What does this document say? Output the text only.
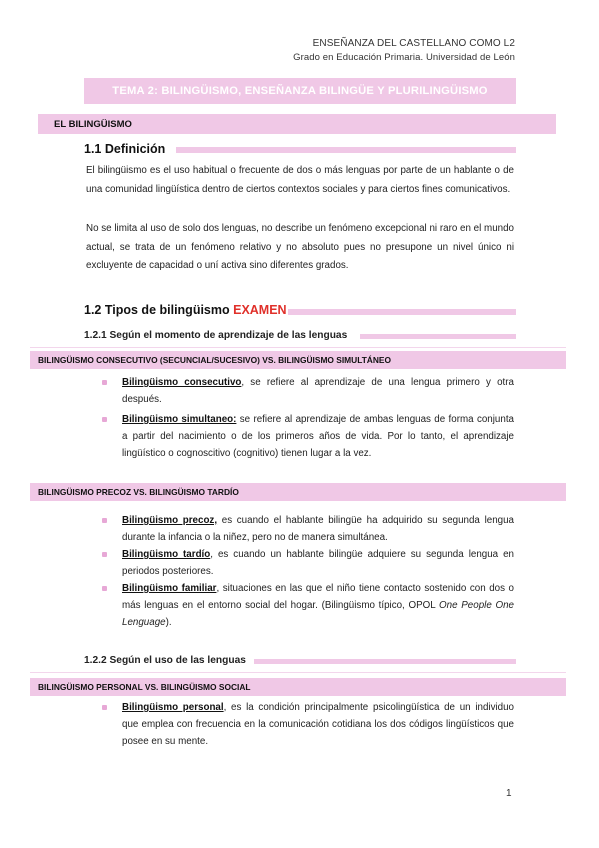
ENSEÑANZA DEL CASTELLANO COMO L2
Grado en Educación Primaria. Universidad de León
TEMA 2: BILINGÜISMO, ENSEÑANZA BILINGÜE Y PLURILINGÜISMO
EL BILINGÜISMO
1.1 Definición
El bilingüismo es el uso habitual o frecuente de dos o más lenguas por parte de un hablante o de una comunidad lingüística dentro de ciertos contextos sociales y para ciertos fines comunicativos.
No se limita al uso de solo dos lenguas, no describe un fenómeno excepcional ni raro en el mundo actual, se trata de un fenómeno relativo y no absoluto pues no presupone un nivel único ni excluyente de capacidad o uní activa sino diferentes grados.
1.2 Tipos de bilingüismo EXAMEN
1.2.1 Según el momento de aprendizaje de las lenguas
BILINGÜISMO CONSECUTIVO (SECUNCIAL/SUCESIVO) VS. BILINGÜISMO SIMULTÁNEO
Bilingüismo consecutivo, se refiere al aprendizaje de una lengua primero y otra después.
Bilingüismo simultaneo: se refiere al aprendizaje de ambas lenguas de forma conjunta a partir del nacimiento o de los primeros años de vida. Por lo tanto, el aprendizaje lingüístico o cognoscitivo (cognitivo) tienen lugar a la vez.
BILINGÜISMO PRECOZ VS. BILINGÜISMO TARDÍO
Bilingüismo precoz, es cuando el hablante bilingüe ha adquirido su segunda lengua durante la infancia o la niñez, pero no de manera simultánea.
Bilingüismo tardío, es cuando un hablante bilingüe adquiere su segunda lengua en periodos posteriores.
Bilingüismo familiar, situaciones en las que el niño tiene contacto sostenido con dos o más lenguas en el entorno social del hogar. (Bilingüismo típico, OPOL One People One Lenguage).
1.2.2 Según el uso de las lenguas
BILINGÜISMO PERSONAL VS. BILINGÜISMO SOCIAL
Bilingüismo personal, es la condición principalmente psicolingüística de un individuo que emplea con frecuencia en la comunicación cotidiana los dos códigos lingüísticos que posee en su mente.
1
